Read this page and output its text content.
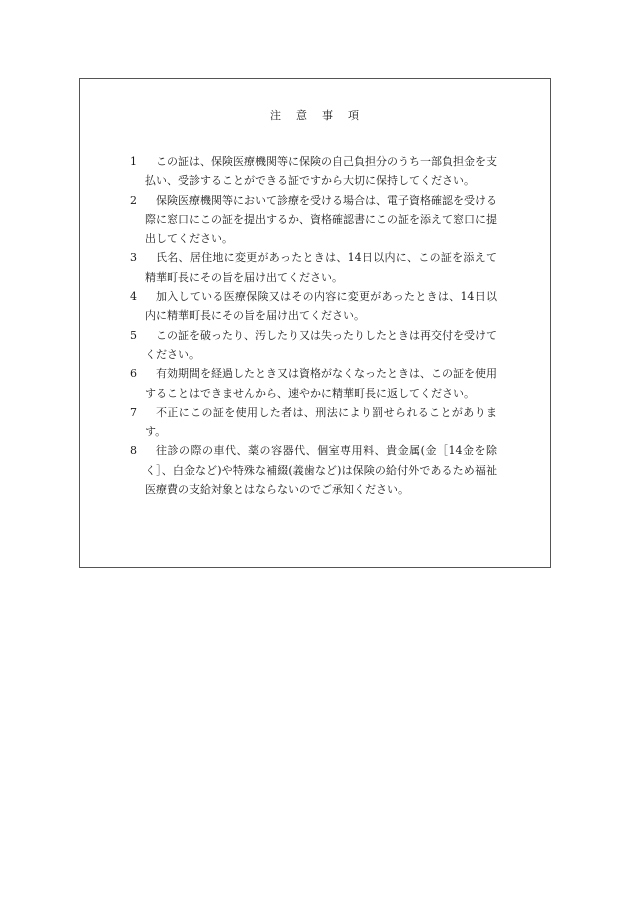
注 意 事 項
1	この証は、保険医療機関等に保険の自己負担分のうち一部負担金を支払い、受診することができる証ですから大切に保持してください。
2	保険医療機関等において診療を受ける場合は、電子資格確認を受ける際に窓口にこの証を提出するか、資格確認書にこの証を添えて窓口に提出してください。
3	氏名、居住地に変更があったときは、14日以内に、この証を添えて精華町長にその旨を届け出てください。
4	加入している医療保険又はその内容に変更があったときは、14日以内に精華町長にその旨を届け出てください。
5	この証を破ったり、汚したり又は失ったりしたときは再交付を受けてください。
6	有効期間を経過したとき又は資格がなくなったときは、この証を使用することはできませんから、速やかに精華町長に返してください。
7	不正にこの証を使用した者は、刑法により罰せられることがあります。
8	往診の際の車代、薬の容器代、個室専用料、貴金属(金［14金を除く］、白金など)や特殊な補綴(義歯など)は保険の給付外であるため福祉医療費の支給対象とはならないのでご承知ください。
